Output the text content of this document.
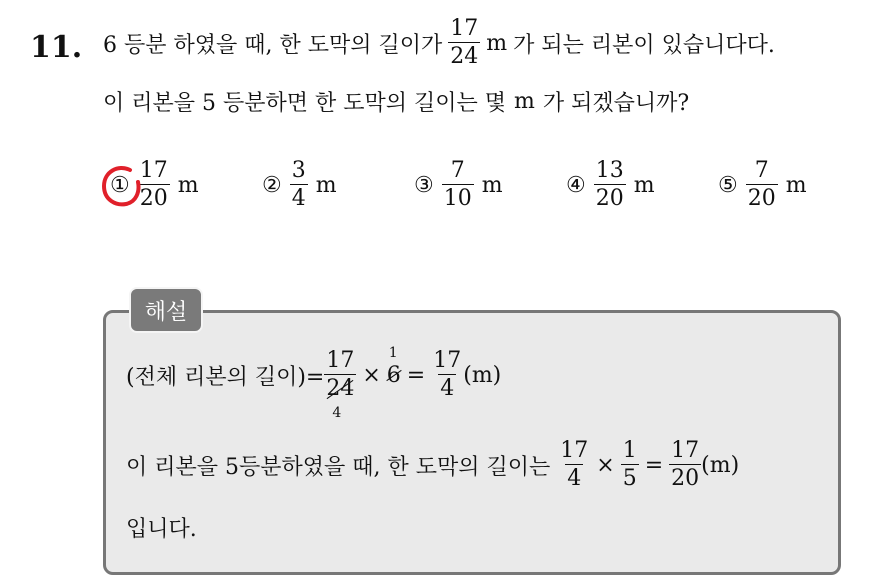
11. 6 등분 하였을 때, 한 도막의 길이가 $\frac{17}{24}$ m 가 되는 리본이 있습니다다.
이 리본을 5 등분하면 한 도막의 길이는 몇 m 가 되겠습니까?
① $\frac{17}{20}$ m	② $\frac{3}{4}$ m	③ $\frac{7}{10}$ m	④ $\frac{13}{20}$ m	⑤ $\frac{7}{20}$ m
해설
(전체 리본의 길이)=
17
24
4
× 6
1
= $\frac{17}{4} (m)$
이 리본을 5등분하였을 때, 한 도막의 길이는 $\frac{17}{4} \times \frac{1}{5} = \frac{17}{20} (m)$
입니다.
